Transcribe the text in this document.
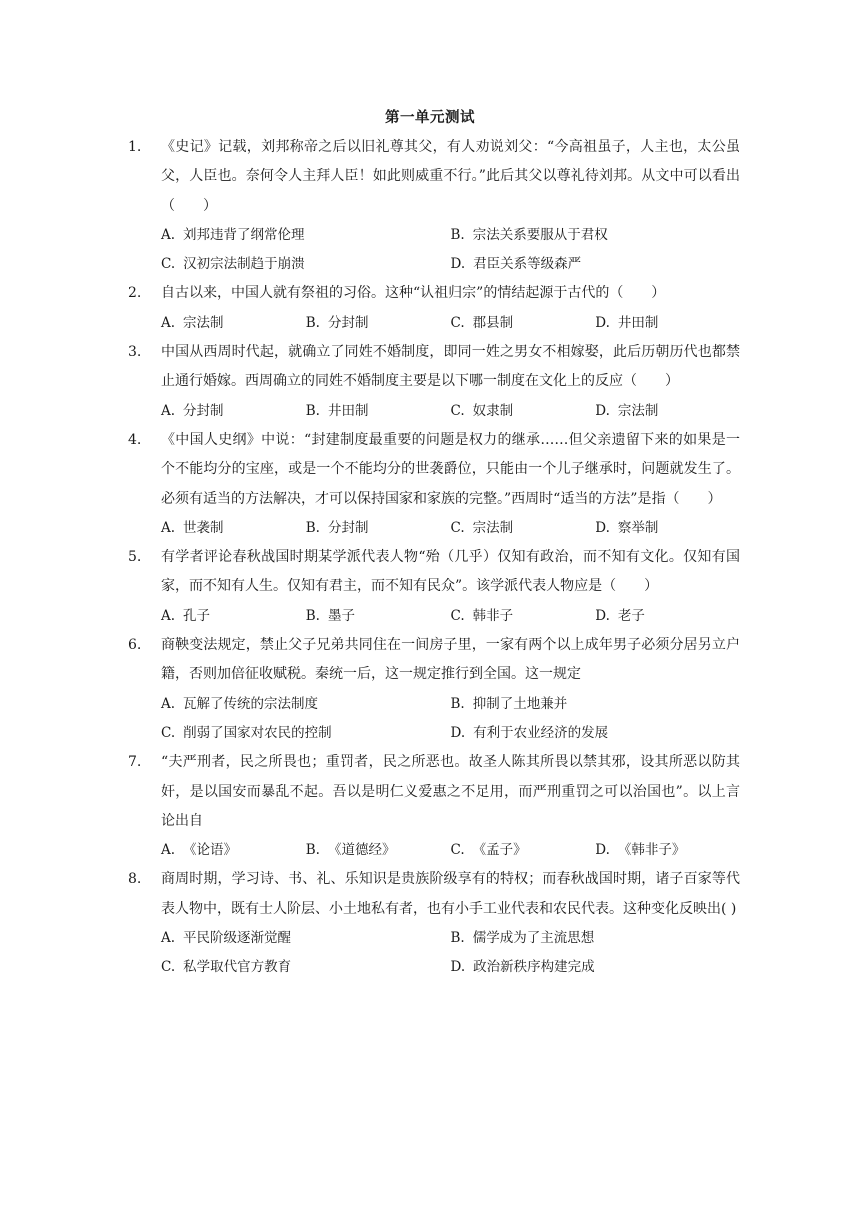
第一单元测试
1. 《史记》记载，刘邦称帝之后以旧礼尊其父，有人劝说刘父：“今高祖虽子，人主也，太公虽父，人臣也。奈何令人主拜人臣！如此则威重不行。”此后其父以尊礼待刘邦。从文中可以看出（　　）
A. 刘邦违背了纲常伦理	B. 宗法关系要服从于君权
C. 汉初宗法制趋于崩溃	D. 君臣关系等级森严
2. 自古以来，中国人就有祭祖的习俗。这种“认祖归宗”的情结起源于古代的（　　）
A. 宗法制	B. 分封制	C. 郡县制	D. 井田制
3. 中国从西周时代起，就确立了同姓不婚制度，即同一姓之男女不相嫁娶，此后历朝历代也都禁止通行婚嫁。西周确立的同姓不婚制度主要是以下哪一制度在文化上的反应（　　）
A. 分封制	B. 井田制	C. 奴隶制	D. 宗法制
4. 《中国人史纲》中说：“封建制度最重要的问题是权力的继承……但父亲遗留下来的如果是一个不能均分的宝座，或是一个不能均分的世袭爵位，只能由一个儿子继承时，问题就发生了。必须有适当的方法解决，才可以保持国家和家族的完整。”西周时“适当的方法”是指（　　）
A. 世袭制	B. 分封制	C. 宗法制	D. 察举制
5. 有学者评论春秋战国时期某学派代表人物“殆（几乎）仅知有政治，而不知有文化。仅知有国家，而不知有人生。仅知有君主，而不知有民众”。该学派代表人物应是（　　）
A. 孔子	B. 墨子	C. 韩非子	D. 老子
6. 商鞅变法规定，禁止父子兄弟共同住在一间房子里，一家有两个以上成年男子必须分居另立户籍，否则加倍征收赋税。秦统一后，这一规定推行到全国。这一规定
A. 瓦解了传统的宗法制度	B. 抑制了土地兼并
C. 削弱了国家对农民的控制	D. 有利于农业经济的发展
7. “夫严刑者，民之所畏也；重罚者，民之所恶也。故圣人陈其所畏以禁其邪，设其所恶以防其奸，是以国安而暴乱不起。吾以是明仁义爱惠之不足用，而严刑重罚之可以治国也”。以上言论出自
A. 《论语》	B. 《道德经》	C. 《孟子》	D. 《韩非子》
8. 商周时期，学习诗、书、礼、乐知识是贵族阶级享有的特权；而春秋战国时期，诸子百家等代表人物中，既有士人阶层、小土地私有者，也有小手工业代表和农民代表。这种变化反映出( )
A. 平民阶级逐渐觉醒	B. 儒学成为了主流思想
C. 私学取代官方教育	D. 政治新秩序构建完成
